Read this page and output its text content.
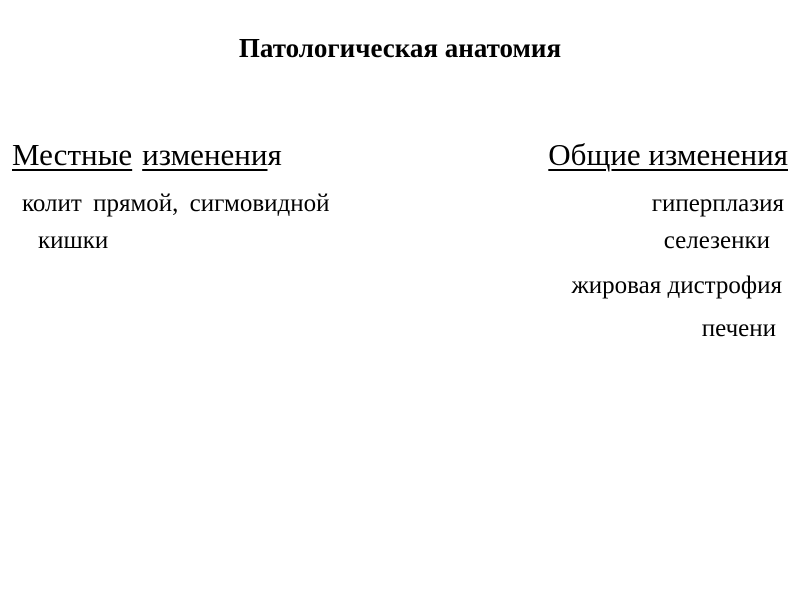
Патологическая анатомия
Местные изменения	Общие изменения
колит прямой, сигмовидной
кишки
гиперплазия
селезенки
жировая дистрофия
печени
